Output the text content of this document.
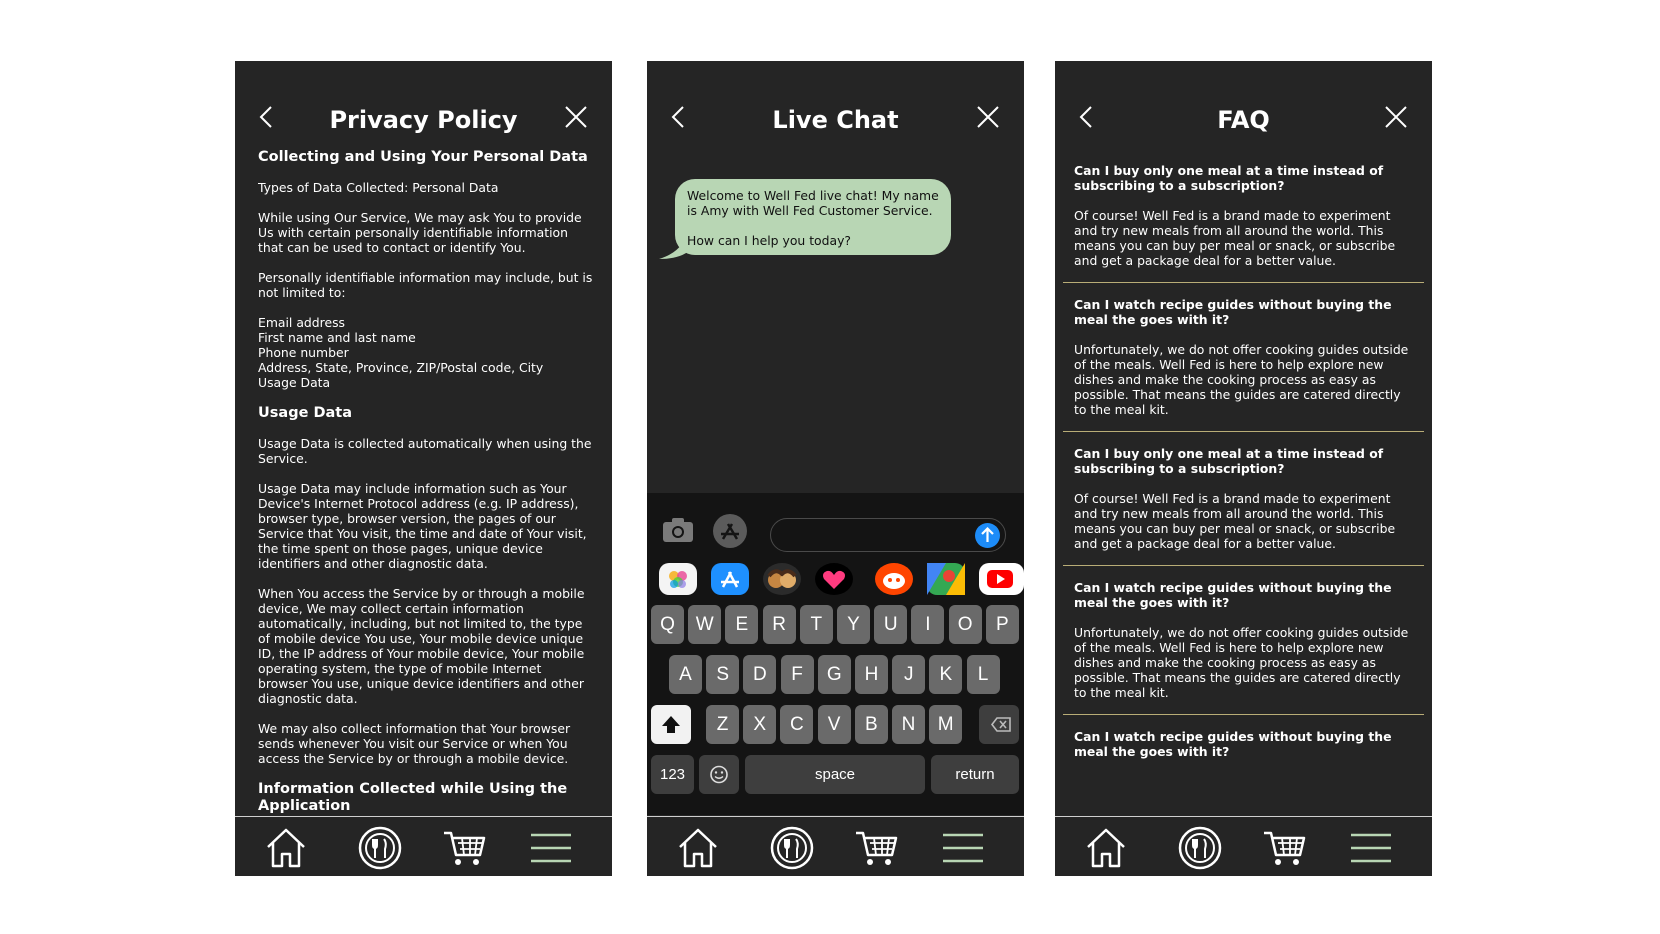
Privacy Policy
Collecting and Using Your Personal Data

Types of Data Collected: Personal Data

While using Our Service, We may ask You to provide Us with certain personally identifiable information that can be used to contact or identify You.

Personally identifiable information may include, but is not limited to:

Email address
First name and last name
Phone number
Address, State, Province, ZIP/Postal code, City
Usage Data

Usage Data

Usage Data is collected automatically when using the Service.

Usage Data may include information such as Your Device's Internet Protocol address (e.g. IP address), browser type, browser version, the pages of our Service that You visit, the time and date of Your visit, the time spent on those pages, unique device identifiers and other diagnostic data.

When You access the Service by or through a mobile device, We may collect certain information automatically, including, but not limited to, the type of mobile device You use, Your mobile device unique ID, the IP address of Your mobile device, Your mobile operating system, the type of mobile Internet browser You use, unique device identifiers and other diagnostic data.

We may also collect information that Your browser sends whenever You visit our Service or when You access the Service by or through a mobile device.

Information Collected while Using the Application
Live Chat
Welcome to Well Fed live chat! My name is Amy with Well Fed Customer Service.
How can I help you today?
Q	W	E	R	T	Y	U	I	O	P
A	S	D	F	G	H	J	K	L
Z	X	C	V	B	N	M
123	space	return
FAQ
Can I buy only one meal at a time instead of subscribing to a subscription?
Of course! Well Fed is a brand made to experiment and try new meals from all around the world. This means you can buy per meal or snack, or subscribe and get a package deal for a better value.
Can I watch recipe guides without buying the meal the goes with it?
Unfortunately, we do not offer cooking guides outside of the meals. Well Fed is here to help explore new dishes and make the cooking process as easy as possible. That means the guides are catered directly to the meal kit.
Can I buy only one meal at a time instead of subscribing to a subscription?
Of course! Well Fed is a brand made to experiment and try new meals from all around the world. This means you can buy per meal or snack, or subscribe and get a package deal for a better value.
Can I watch recipe guides without buying the meal the goes with it?
Unfortunately, we do not offer cooking guides outside of the meals. Well Fed is here to help explore new dishes and make the cooking process as easy as possible. That means the guides are catered directly to the meal kit.
Can I watch recipe guides without buying the meal the goes with it?
